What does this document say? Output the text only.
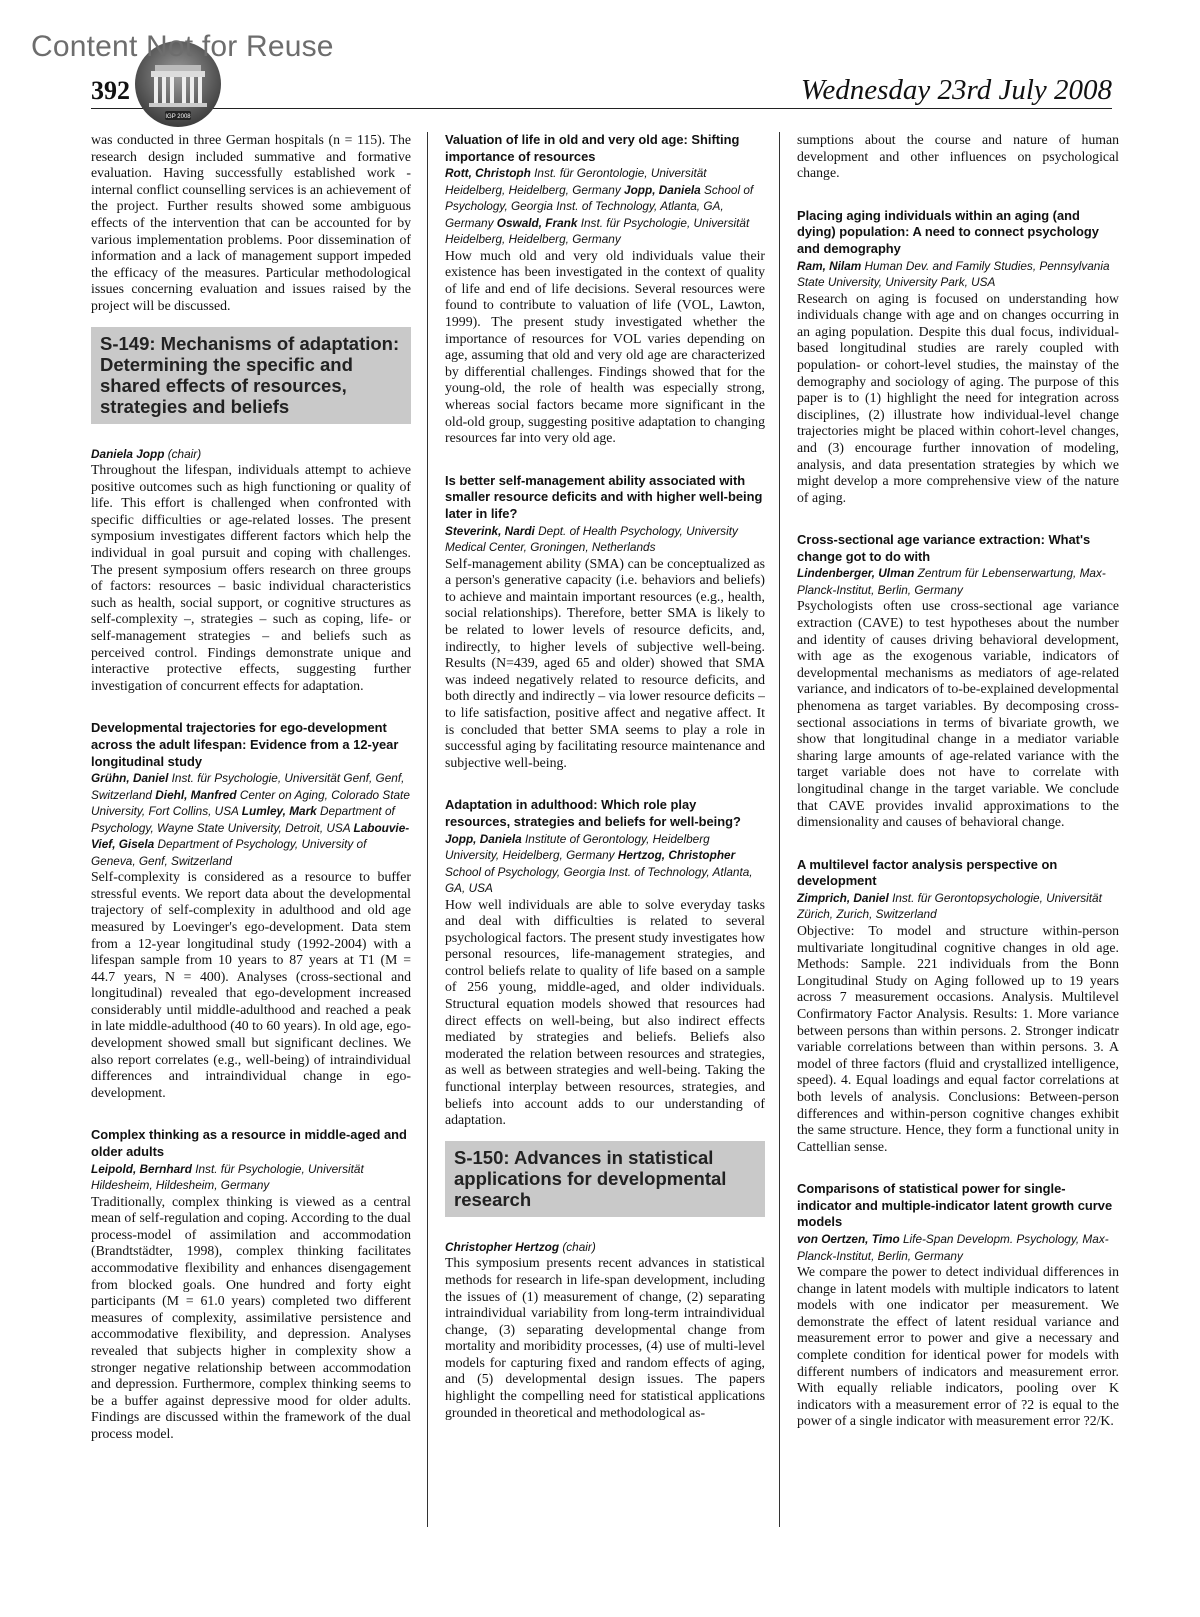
Content Not for Reuse
IGP 2008
392	Wednesday 23rd July 2008

was conducted in three German hospitals (n = 115). The research design included summative and formative evaluation. Having successfully established work - internal conflict counselling services is an achievement of the project. Further results showed some ambiguous effects of the intervention that can be accounted for by various implementation problems. Poor dissemination of information and a lack of management support impeded the efficacy of the measures. Particular methodological issues concerning evaluation and issues raised by the project will be discussed.

S-149: Mechanisms of adaptation: Determining the specific and shared effects of resources, strategies and beliefs

Daniela Jopp (chair)

Throughout the lifespan, individuals attempt to achieve positive outcomes such as high functioning or quality of life. This effort is challenged when confronted with specific difficulties or age-related losses. The present symposium investigates different factors which help the individual in goal pursuit and coping with challenges. The present symposium offers research on three groups of factors: resources – basic individual characteristics such as health, social support, or cognitive structures as self-complexity –, strategies – such as coping, life- or self-management strategies – and beliefs such as perceived control. Findings demonstrate unique and interactive protective effects, suggesting further investigation of concurrent effects for adaptation.

Developmental trajectories for ego-development across the adult lifespan: Evidence from a 12-year longitudinal study

Grühn, Daniel Inst. für Psychologie, Universität Genf, Genf, Switzerland Diehl, Manfred Center on Aging, Colorado State University, Fort Collins, USA Lumley, Mark Department of Psychology, Wayne State University, Detroit, USA Labouvie-Vief, Gisela Department of Psychology, University of Geneva, Genf, Switzerland

Self-complexity is considered as a resource to buffer stressful events. We report data about the developmental trajectory of self-complexity in adulthood and old age measured by Loevinger's ego-development. Data stem from a 12-year longitudinal study (1992-2004) with a lifespan sample from 10 years to 87 years at T1 (M = 44.7 years, N = 400). Analyses (cross-sectional and longitudinal) revealed that ego-development increased considerably until middle-adulthood and reached a peak in late middle-adulthood (40 to 60 years). In old age, ego-development showed small but significant declines. We also report correlates (e.g., well-being) of intraindividual differences and intraindividual change in ego-development.

Complex thinking as a resource in middle-aged and older adults

Leipold, Bernhard Inst. für Psychologie, Universität Hildesheim, Hildesheim, Germany

Traditionally, complex thinking is viewed as a central mean of self-regulation and coping. According to the dual process-model of assimilation and accommodation (Brandtstädter, 1998), complex thinking facilitates accommodative flexibility and enhances disengagement from blocked goals. One hundred and forty eight participants (M = 61.0 years) completed two different measures of complexity, assimilative persistence and accommodative flexibility, and depression. Analyses revealed that subjects higher in complexity show a stronger negative relationship between accommodation and depression. Furthermore, complex thinking seems to be a buffer against depressive mood for older adults. Findings are discussed within the framework of the dual process model.

Valuation of life in old and very old age: Shifting importance of resources

Rott, Christoph Inst. für Gerontologie, Universität Heidelberg, Heidelberg, Germany Jopp, Daniela School of Psychology, Georgia Inst. of Technology, Atlanta, GA, Germany Oswald, Frank Inst. für Psychologie, Universität Heidelberg, Heidelberg, Germany

How much old and very old individuals value their existence has been investigated in the context of quality of life and end of life decisions. Several resources were found to contribute to valuation of life (VOL, Lawton, 1999). The present study investigated whether the importance of resources for VOL varies depending on age, assuming that old and very old age are characterized by differential challenges. Findings showed that for the young-old, the role of health was especially strong, whereas social factors became more significant in the old-old group, suggesting positive adaptation to changing resources far into very old age.

Is better self-management ability associated with smaller resource deficits and with higher well-being later in life?

Steverink, Nardi Dept. of Health Psychology, University Medical Center, Groningen, Netherlands

Self-management ability (SMA) can be conceptualized as a person's generative capacity (i.e. behaviors and beliefs) to achieve and maintain important resources (e.g., health, social relationships). Therefore, better SMA is likely to be related to lower levels of resource deficits, and, indirectly, to higher levels of subjective well-being. Results (N=439, aged 65 and older) showed that SMA was indeed negatively related to resource deficits, and both directly and indirectly – via lower resource deficits – to life satisfaction, positive affect and negative affect. It is concluded that better SMA seems to play a role in successful aging by facilitating resource maintenance and subjective well-being.

Adaptation in adulthood: Which role play resources, strategies and beliefs for well-being?

Jopp, Daniela Institute of Gerontology, Heidelberg University, Heidelberg, Germany Hertzog, Christopher School of Psychology, Georgia Inst. of Technology, Atlanta, GA, USA

How well individuals are able to solve everyday tasks and deal with difficulties is related to several psychological factors. The present study investigates how personal resources, life-management strategies, and control beliefs relate to quality of life based on a sample of 256 young, middle-aged, and older individuals. Structural equation models showed that resources had direct effects on well-being, but also indirect effects mediated by strategies and beliefs. Beliefs also moderated the relation between resources and strategies, as well as between strategies and well-being. Taking the functional interplay between resources, strategies, and beliefs into account adds to our understanding of adaptation.

S-150: Advances in statistical applications for developmental research

Christopher Hertzog (chair)

This symposium presents recent advances in statistical methods for research in life-span development, including the issues of (1) measurement of change, (2) separating intraindividual variability from long-term intraindividual change, (3) separating developmental change from mortality and moribidity processes, (4) use of multi-level models for capturing fixed and random effects of aging, and (5) developmental design issues. The papers highlight the compelling need for statistical applications grounded in theoretical and methodological as-

sumptions about the course and nature of human development and other influences on psychological change.

Placing aging individuals within an aging (and dying) population: A need to connect psychology and demography

Ram, Nilam Human Dev. and Family Studies, Pennsylvania State University, University Park, USA

Research on aging is focused on understanding how individuals change with age and on changes occurring in an aging population. Despite this dual focus, individual-based longitudinal studies are rarely coupled with population- or cohort-level studies, the mainstay of the demography and sociology of aging. The purpose of this paper is to (1) highlight the need for integration across disciplines, (2) illustrate how individual-level change trajectories might be placed within cohort-level changes, and (3) encourage further innovation of modeling, analysis, and data presentation strategies by which we might develop a more comprehensive view of the nature of aging.

Cross-sectional age variance extraction: What's change got to do with

Lindenberger, Ulman Zentrum für Lebenserwartung, Max-Planck-Institut, Berlin, Germany

Psychologists often use cross-sectional age variance extraction (CAVE) to test hypotheses about the number and identity of causes driving behavioral development, with age as the exogenous variable, indicators of developmental mechanisms as mediators of age-related variance, and indicators of to-be-explained developmental phenomena as target variables. By decomposing cross-sectional associations in terms of bivariate growth, we show that longitudinal change in a mediator variable sharing large amounts of age-related variance with the target variable does not have to correlate with longitudinal change in the target variable. We conclude that CAVE provides invalid approximations to the dimensionality and causes of behavioral change.

A multilevel factor analysis perspective on development

Zimprich, Daniel Inst. für Gerontopsychologie, Universität Zürich, Zurich, Switzerland

Objective: To model and structure within-person multivariate longitudinal cognitive changes in old age. Methods: Sample. 221 individuals from the Bonn Longitudinal Study on Aging followed up to 19 years across 7 measurement occasions. Analysis. Multilevel Confirmatory Factor Analysis. Results: 1. More variance between persons than within persons. 2. Stronger indicatr variable correlations between than within persons. 3. A model of three factors (fluid and crystallized intelligence, speed). 4. Equal loadings and equal factor correlations at both levels of analysis. Conclusions: Between-person differences and within-person cognitive changes exhibit the same structure. Hence, they form a functional unity in Cattellian sense.

Comparisons of statistical power for single-indicator and multiple-indicator latent growth curve models

von Oertzen, Timo Life-Span Developm. Psychology, Max-Planck-Institut, Berlin, Germany

We compare the power to detect individual differences in change in latent models with multiple indicators to latent models with one indicator per measurement. We demonstrate the effect of latent residual variance and measurement error to power and give a necessary and complete condition for identical power for models with different numbers of indicators and measurement error. With equally reliable indicators, pooling over K indicators with a measurement error of ?2 is equal to the power of a single indicator with measurement error ?2/K.
